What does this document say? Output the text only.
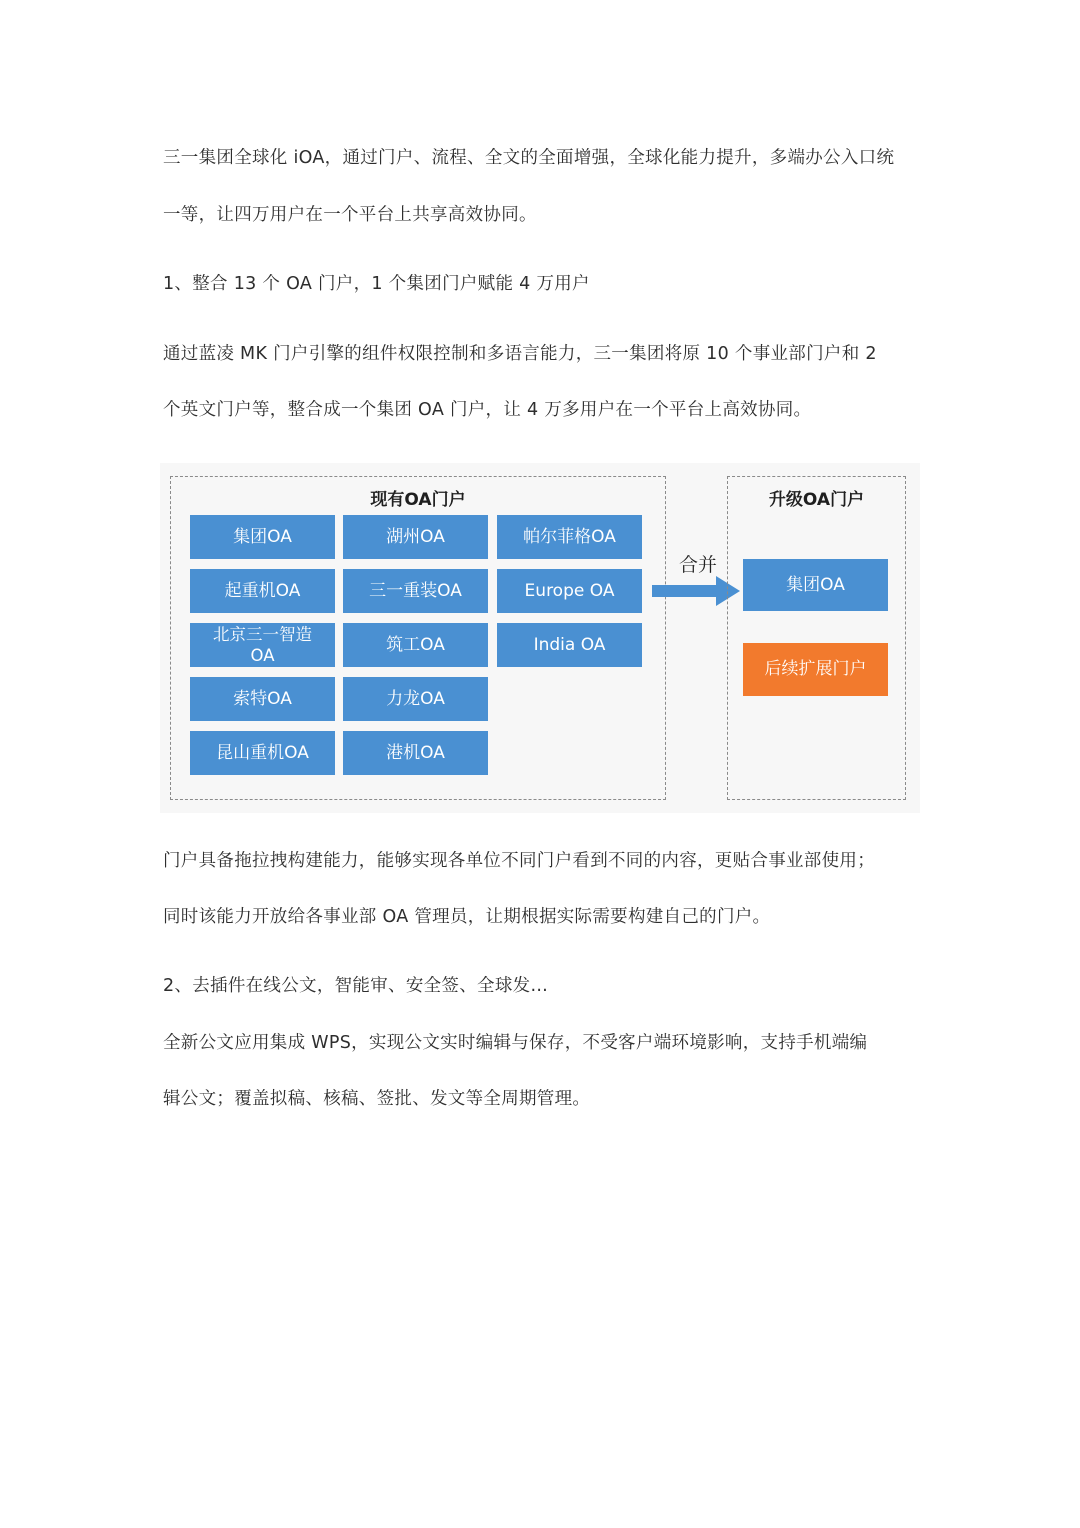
三一集团全球化 iOA，通过门户、流程、全文的全面增强，全球化能力提升，多端办公入口统
一等，让四万用户在一个平台上共享高效协同。
1、整合 13 个 OA 门户，1 个集团门户赋能 4 万用户
通过蓝凌 MK 门户引擎的组件权限控制和多语言能力，三一集团将原 10 个事业部门户和 2
个英文门户等，整合成一个集团 OA 门户，让 4 万多用户在一个平台上高效协同。
现有OA门户
集团OA
起重机OA
北京三一智造
OA
索特OA
昆山重机OA
湖州OA
三一重装OA
筑工OA
力龙OA
港机OA
帕尔菲格OA
Europe OA
India OA
合并
升级OA门户
集团OA
后续扩展门户
门户具备拖拉拽构建能力，能够实现各单位不同门户看到不同的内容，更贴合事业部使用；
同时该能力开放给各事业部 OA 管理员，让期根据实际需要构建自己的门户。
2、去插件在线公文，智能审、安全签、全球发…
全新公文应用集成 WPS，实现公文实时编辑与保存，不受客户端环境影响，支持手机端编
辑公文；覆盖拟稿、核稿、签批、发文等全周期管理。
